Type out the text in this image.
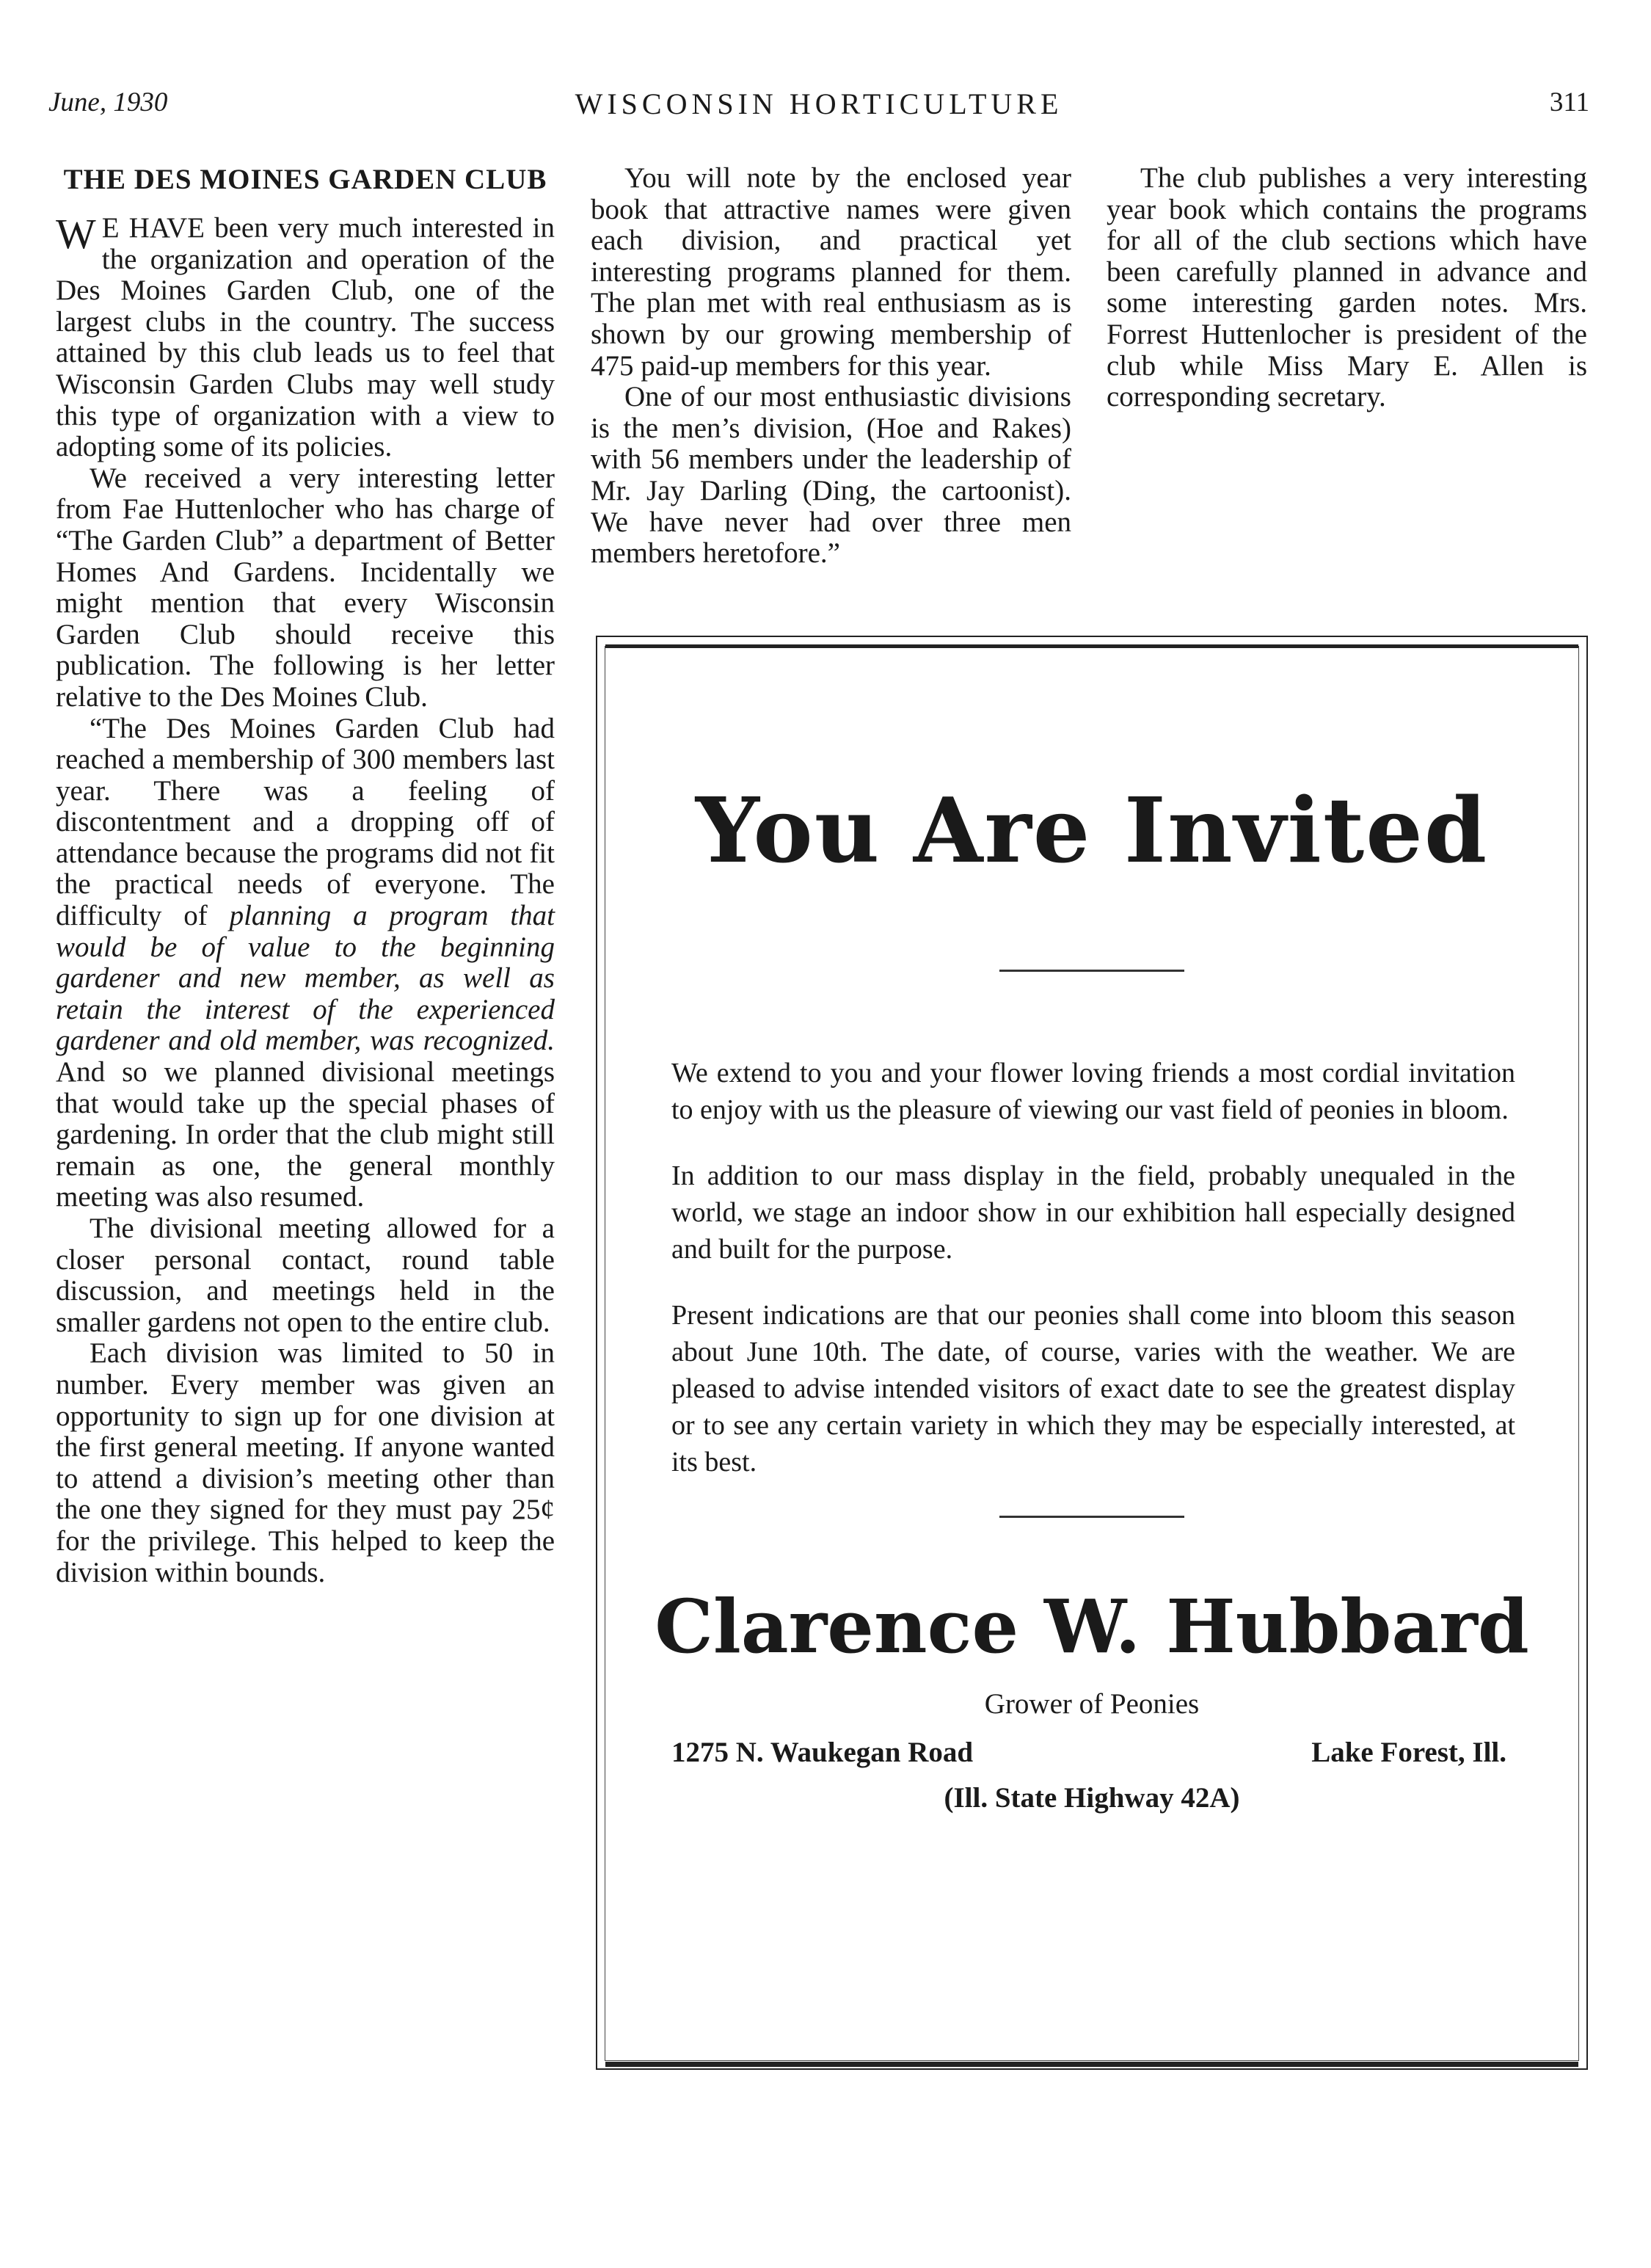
June, 1930	WISCONSIN HORTICULTURE	311
THE DES MOINES GARDEN CLUB

W E HAVE been very much interested in the organization and operation of the Des Moines Garden Club, one of the largest clubs in the country. The success attained by this club leads us to feel that Wisconsin Garden Clubs may well study this type of organization with a view to adopting some of its policies.

We received a very interesting letter from Fae Huttenlocher who has charge of “The Garden Club” a department of Better Homes And Gardens. Incidentally we might mention that every Wisconsin Garden Club should receive this publication. The following is her letter relative to the Des Moines Club.

“The Des Moines Garden Club had reached a membership of 300 members last year. There was a feeling of discontentment and a dropping off of attendance because the programs did not fit the practical needs of everyone. The difficulty of planning a program that would be of value to the beginning gardener and new member, as well as retain the interest of the experienced gardener and old member, was recognized. And so we planned divisional meetings that would take up the special phases of gardening. In order that the club might still remain as one, the general monthly meeting was also resumed.

The divisional meeting allowed for a closer personal contact, round table discussion, and meetings held in the smaller gardens not open to the entire club.

Each division was limited to 50 in number. Every member was given an opportunity to sign up for one division at the first general meeting. If anyone wanted to attend a division’s meeting other than the one they signed for they must pay 25¢ for the privilege. This helped to keep the division within bounds.

You will note by the enclosed year book that attractive names were given each division, and practical yet interesting programs planned for them. The plan met with real enthusiasm as is shown by our growing membership of 475 paid-up members for this year.

One of our most enthusiastic divisions is the men’s division, (Hoe and Rakes) with 56 members under the leadership of Mr. Jay Darling (Ding, the cartoonist). We have never had over three men members heretofore.”

The club publishes a very interesting year book which contains the programs for all of the club sections which have been carefully planned in advance and some interesting garden notes. Mrs. Forrest Huttenlocher is president of the club while Miss Mary E. Allen is corresponding secretary.

You Are Invited

We extend to you and your flower loving friends a most cordial invitation to enjoy with us the pleasure of viewing our vast field of peonies in bloom.

In addition to our mass display in the field, probably unequaled in the world, we stage an indoor show in our exhibition hall especially designed and built for the purpose.

Present indications are that our peonies shall come into bloom this season about June 10th. The date, of course, varies with the weather. We are pleased to advise intended visitors of exact date to see the greatest display or to see any certain variety in which they may be especially interested, at its best.

Clarence W. Hubbard
Grower of Peonies
1275 N. Waukegan Road	Lake Forest, Ill.
(Ill. State Highway 42A)
